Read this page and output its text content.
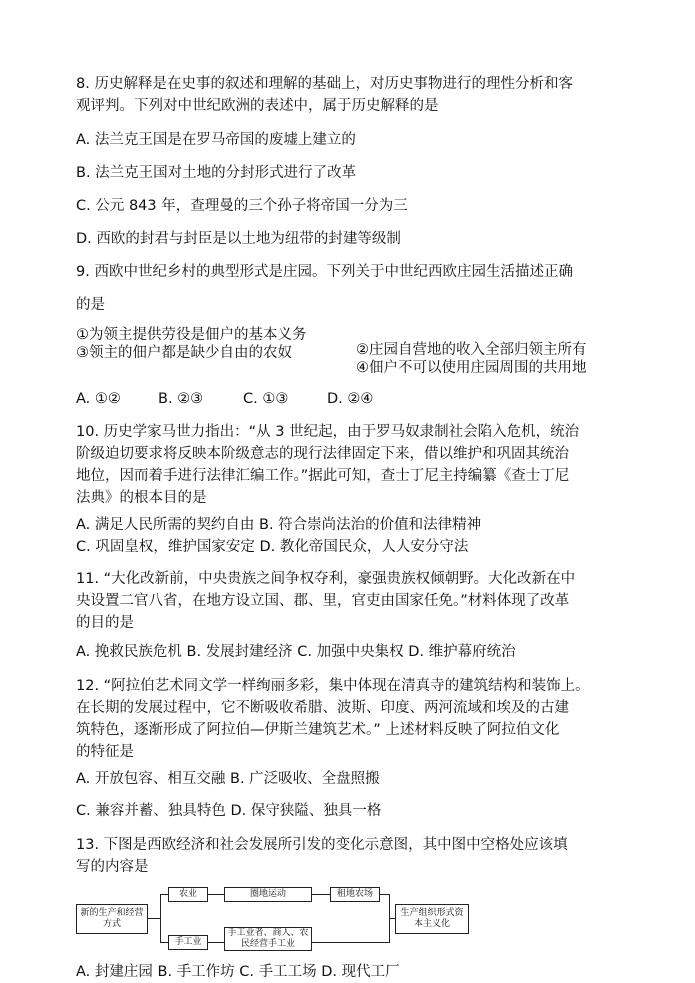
8. 历史解释是在史事的叙述和理解的基础上，对历史事物进行的理性分析和客
观评判。下列对中世纪欧洲的表述中，属于历史解释的是
A. 法兰克王国是在罗马帝国的废墟上建立的
B. 法兰克王国对土地的分封形式进行了改革
C. 公元 843 年，查理曼的三个孙子将帝国一分为三
D. 西欧的封君与封臣是以土地为纽带的封建等级制
9. 西欧中世纪乡村的典型形式是庄园。下列关于中世纪西欧庄园生活描述正确
的是
①为领主提供劳役是佃户的基本义务
②庄园自营地的收入全部归领主所有
③领主的佃户都是缺少自由的农奴
④佃户不可以使用庄园周围的共用地
A. ①②	B. ②③	C. ①③	D. ②④
10. 历史学家马世力指出：“从 3 世纪起，由于罗马奴隶制社会陷入危机，统治
阶级迫切要求将反映本阶级意志的现行法律固定下来，借以维护和巩固其统治
地位，因而着手进行法律汇编工作。”据此可知，查士丁尼主持编纂《查士丁尼
法典》的根本目的是
A. 满足人民所需的契约自由 B. 符合崇尚法治的价值和法律精神
C. 巩固皇权，维护国家安定 D. 教化帝国民众，人人安分守法
11. “大化改新前，中央贵族之间争权夺利，豪强贵族权倾朝野。大化改新在中
央设置二官八省，在地方设立国、郡、里，官吏由国家任免。”材料体现了改革
的目的是
A. 挽救民族危机 B. 发展封建经济 C. 加强中央集权 D. 维护幕府统治
12. “阿拉伯艺术同文学一样绚丽多彩，集中体现在清真寺的建筑结构和装饰上。
在长期的发展过程中，它不断吸收希腊、波斯、印度、两河流域和埃及的古建
筑特色，逐渐形成了阿拉伯—伊斯兰建筑艺术。” 上述材料反映了阿拉伯文化
的特征是
A. 开放包容、相互交融 B. 广泛吸收、全盘照搬
C. 兼容并蓄、独具特色 D. 保守狭隘、独具一格
13. 下图是西欧经济和社会发展所引发的变化示意图，其中图中空格处应该填
写的内容是
新的生产和经营方式
农业	圈地运动	租地农场
手工业
手工业者、商人、农民经营手工业
生产组织形式资本主义化
A. 封建庄园 B. 手工作坊 C. 手工工场 D. 现代工厂
